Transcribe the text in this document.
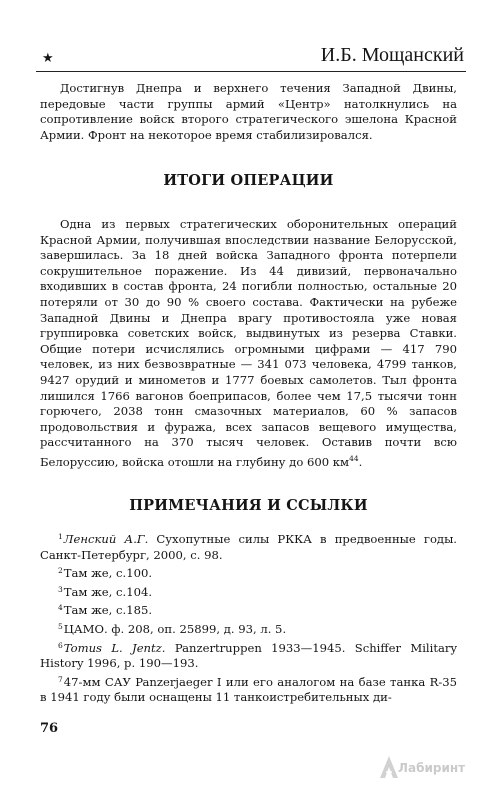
★	И.Б. Мощанский

Достигнув Днепра и верхнего течения Западной Двины, передовые части группы армий «Центр» натолкнулись на сопротивление войск второго стратегического эшелона Красной Армии. Фронт на некоторое время стабилизировался.

ИТОГИ ОПЕРАЦИИ

Одна из первых стратегических оборонительных операций Красной Армии, получившая впоследствии название Белорусской, завершилась. За 18 дней войска Западного фронта потерпели сокрушительное поражение. Из 44 дивизий, первоначально входивших в состав фронта, 24 погибли полностью, остальные 20 потеряли от 30 до 90 % своего состава. Фактически на рубеже Западной Двины и Днепра врагу противостояла уже новая группировка советских войск, выдвинутых из резерва Ставки. Общие потери исчислялись огромными цифрами — 417 790 человек, из них безвозвратные — 341 073 человека, 4799 танков, 9427 орудий и минометов и 1777 боевых самолетов. Тыл фронта лишился 1766 вагонов боеприпасов, более чем 17,5 тысячи тонн горючего, 2038 тонн смазочных материалов, 60 % запасов продовольствия и фуража, всех запасов вещевого имущества, рассчитанного на 370 тысяч человек. Оставив почти всю Белоруссию, войска отошли на глубину до 600 $км^{44}$.

ПРИМЕЧАНИЯ И ССЫЛКИ
$^1$Ленский А.Г. Сухопутные силы РККА в предвоенные годы. Санкт-Петербург, 2000, с. 98.
$^2$Там же, с.100.
$^3$Там же, с.104.
$^4$Там же, с.185.
$^5$ЦАМО. ф. 208, оп. 25899, д. 93, л. 5.
$^6$Tomus L. Jentz. Panzertruppen 1933—1945. Schiffer Military History 1996, p. 190—193.
$^7$47-мм САУ Panzerjaeger I или его аналогом на базе танка R-35 в 1941 году были оснащены 11 танкоистребительных ди-
76
Лабиринт
